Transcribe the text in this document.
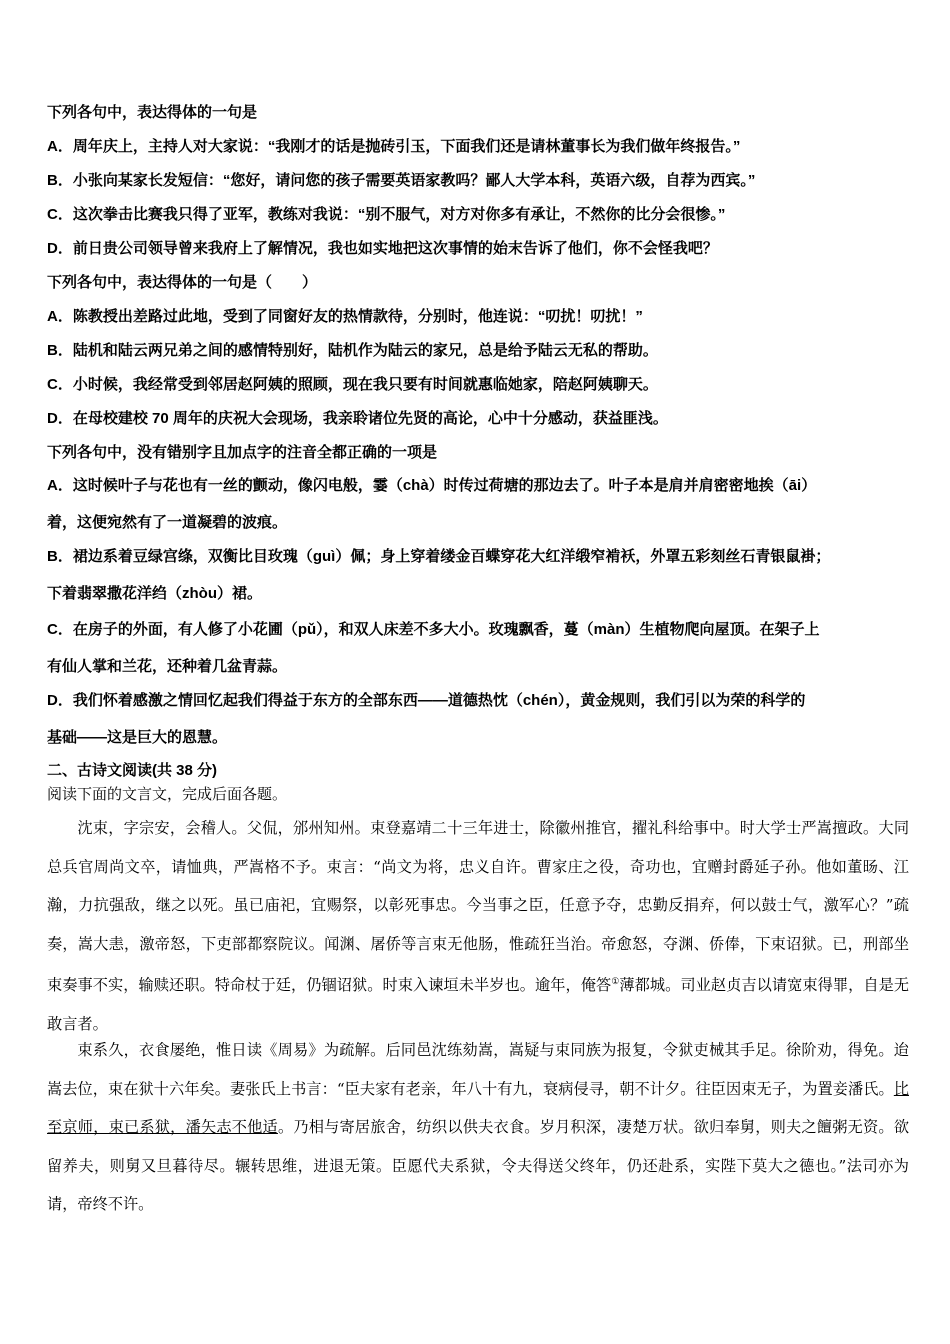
下列各句中，表达得体的一句是
A．周年庆上，主持人对大家说：“我刚才的话是抛砖引玉，下面我们还是请林董事长为我们做年终报告。”
B．小张向某家长发短信：“您好，请问您的孩子需要英语家教吗？鄙人大学本科，英语六级，自荐为西宾。”
C．这次拳击比赛我只得了亚军，教练对我说：“别不服气，对方对你多有承让，不然你的比分会很惨。”
D．前日贵公司领导曾来我府上了解情况，我也如实地把这次事情的始末告诉了他们，你不会怪我吧？
下列各句中，表达得体的一句是（　　）
A．陈教授出差路过此地，受到了同窗好友的热情款待，分别时，他连说：“叨扰！叨扰！”
B．陆机和陆云两兄弟之间的感情特别好，陆机作为陆云的家兄，总是给予陆云无私的帮助。
C．小时候，我经常受到邻居赵阿姨的照顾，现在我只要有时间就惠临她家，陪赵阿姨聊天。
D．在母校建校 70 周年的庆祝大会现场，我亲聆诸位先贤的高论，心中十分感动，获益匪浅。
下列各句中，没有错别字且加点字的注音全都正确的一项是
A．这时候叶子与花也有一丝的颤动，像闪电般，霎（chà）时传过荷塘的那边去了。叶子本是肩并肩密密地挨（āi）
着，这便宛然有了一道凝碧的波痕。
B．裙边系着豆绿宫绦，双衡比目玫瑰（guì）佩；身上穿着缕金百蝶穿花大红洋缎窄褃袄，外罩五彩刻丝石青银鼠褂；
下着翡翠撒花洋绉（zhòu）裙。
C．在房子的外面，有人修了小花圃（pǔ），和双人床差不多大小。玫瑰飘香，蔓（màn）生植物爬向屋顶。在架子上
有仙人掌和兰花，还种着几盆青蒜。
D．我们怀着感激之情回忆起我们得益于东方的全部东西——道德热忱（chén），黄金规则，我们引以为荣的科学的
基础——这是巨大的恩慧。
二、古诗文阅读(共 38 分)
阅读下面的文言文，完成后面各题。

沈束，字宗安，会稽人。父侃，邠州知州。束登嘉靖二十三年进士，除徽州推官，擢礼科给事中。时大学士严嵩擅政。大同总兵官周尚文卒，请恤典，严嵩格不予。束言：“尚文为将，忠义自许。曹家庄之役，奇功也，宜赠封爵延子孙。他如董旸、江瀚，力抗强敌，继之以死。虽已庙祀，宜赐祭，以彰死事忠。今当事之臣，任意予夺，忠勤反捐弃，何以鼓士气，激军心？”疏奏，嵩大恚，激帝怒，下吏部都察院议。闻渊、屠侨等言束无他肠，惟疏狂当治。帝愈怒，夺渊、侨俸，下束诏狱。已，刑部坐束奏事不实，输赎还职。特命杖于廷，仍锢诏狱。时束入谏垣未半岁也。逾年，俺答①薄都城。司业赵贞吉以请宽束得罪，自是无敢言者。

束系久，衣食屡绝，惟日读《周易》为疏解。后同邑沈练劾嵩，嵩疑与束同族为报复，令狱吏械其手足。徐阶劝，得免。迨嵩去位，束在狱十六年矣。妻张氏上书言：“臣夫家有老亲，年八十有九，衰病侵寻，朝不计夕。往臣因束无子，为置妾潘氏。比至京师，束已系狱，潘矢志不他适。乃相与寄居旅舍，纺织以供夫衣食。岁月积深，凄楚万状。欲归奉舅，则夫之饘粥无资。欲留养夫，则舅又旦暮待尽。辗转思维，进退无策。臣愿代夫系狱，令夫得送父终年，仍还赴系，实陛下莫大之德也。”法司亦为请，帝终不许。
